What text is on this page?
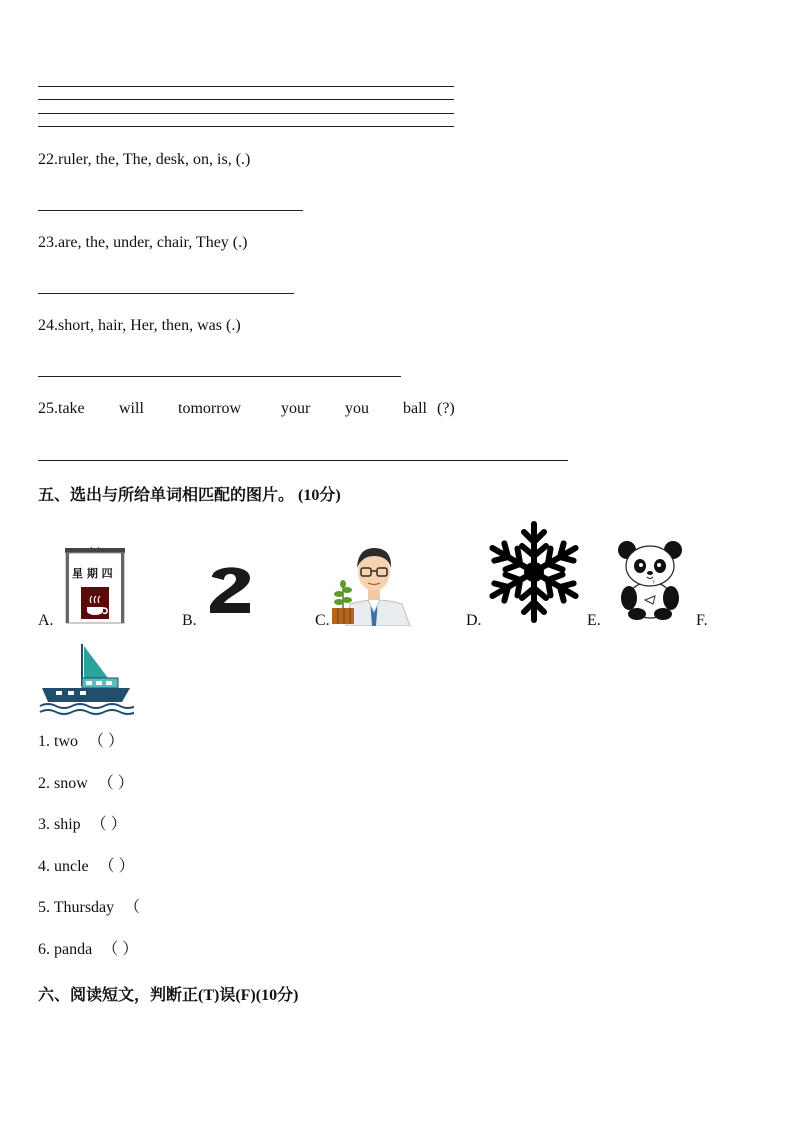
22.ruler, the, The, desk, on, is, (.)
23.are, the, under, chair, They (.)
24.short, hair, Her, then, was (.)
25.take will tomorrow your you ball (?)
五、选出与所给单词相匹配的图片。 (10分)
A.
星 期 四
B.	C.	D.	E.	F.
1. two （ ）
2. snow （ ）
3. ship （ ）
4. uncle （ ）
5. Thursday （
6. panda （ ）
六、阅读短文，判断正(T)误(F)(10分)
